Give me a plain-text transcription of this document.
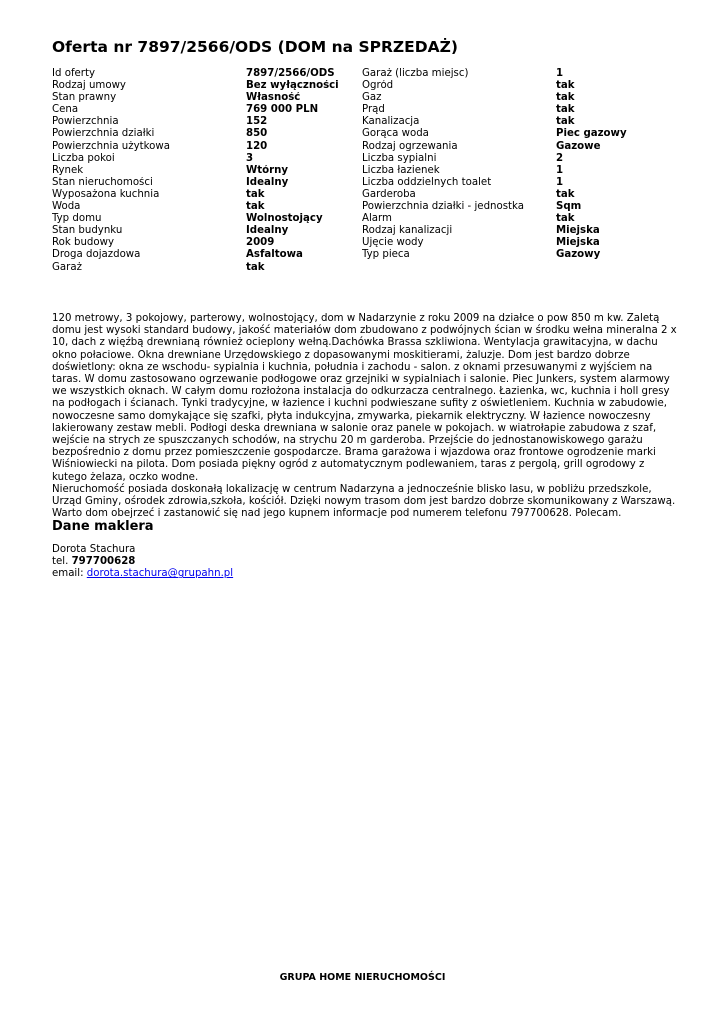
Oferta nr 7897/2566/ODS (DOM na SPRZEDAŻ)
Id oferty	7897/2566/ODS
Rodzaj umowy	Bez wyłączności
Stan prawny	Własność
Cena	769 000 PLN
Powierzchnia	152
Powierzchnia działki	850
Powierzchnia użytkowa	120
Liczba pokoi	3
Rynek	Wtórny
Stan nieruchomości	Idealny
Wyposażona kuchnia	tak
Woda	tak
Typ domu	Wolnostojący
Stan budynku	Idealny
Rok budowy	2009
Droga dojazdowa	Asfaltowa
Garaż	tak
Garaż (liczba miejsc)	1
Ogród	tak
Gaz	tak
Prąd	tak
Kanalizacja	tak
Gorąca woda	Piec gazowy
Rodzaj ogrzewania	Gazowe
Liczba sypialni	2
Liczba łazienek	1
Liczba oddzielnych toalet	1
Garderoba	tak
Powierzchnia działki - jednostka	Sqm
Alarm	tak
Rodzaj kanalizacji	Miejska
Ujęcie wody	Miejska
Typ pieca	Gazowy

120 metrowy, 3 pokojowy, parterowy, wolnostojący, dom w Nadarzynie z roku 2009 na działce o pow 850 m kw. Zaletą domu jest wysoki standard budowy, jakość materiałów dom zbudowano z podwójnych ścian w środku wełna mineralna 2 x 10, dach z więźbą drewnianą również ocieplony wełną.Dachówka Brassa szkliwiona. Wentylacja grawitacyjna, w dachu okno połaciowe. Okna drewniane Urzędowskiego z dopasowanymi moskitierami, żaluzje. Dom jest bardzo dobrze doświetlony: okna ze wschodu- sypialnia i kuchnia, południa i zachodu - salon. z oknami przesuwanymi z wyjściem na taras. W domu zastosowano ogrzewanie podłogowe oraz grzejniki w sypialniach i salonie. Piec Junkers, system alarmowy we wszystkich oknach. W całym domu rozłożona instalacja do odkurzacza centralnego. Łazienka, wc, kuchnia i holl gresy na podłogach i ścianach. Tynki tradycyjne, w łazience i kuchni podwieszane sufity z oświetleniem. Kuchnia w zabudowie, nowoczesne samo domykające się szafki, płyta indukcyjna, zmywarka, piekarnik elektryczny. W łazience nowoczesny lakierowany zestaw mebli. Podłogi deska drewniana w salonie oraz panele w pokojach. w wiatrołapie zabudowa z szaf, wejście na strych ze spuszczanych schodów, na strychu 20 m garderoba. Przejście do jednostanowiskowego garażu bezpośrednio z domu przez pomieszczenie gospodarcze. Brama garażowa i wjazdowa oraz frontowe ogrodzenie marki Wiśniowiecki na pilota. Dom posiada piękny ogród z automatycznym podlewaniem, taras z pergolą, grill ogrodowy z kutego żelaza, oczko wodne.

Nieruchomość posiada doskonałą lokalizację w centrum Nadarzyna a jednocześnie blisko lasu, w pobliżu przedszkole, Urząd Gminy, ośrodek zdrowia,szkoła, kościół. Dzięki nowym trasom dom jest bardzo dobrze skomunikowany z Warszawą. Warto dom obejrzeć i zastanowić się nad jego kupnem informacje pod numerem telefonu 797700628. Polecam.

Dane maklera
Dorota Stachura
tel. 797700628
email: dorota.stachura@grupahn.pl
GRUPA HOME NIERUCHOMOŚCI
